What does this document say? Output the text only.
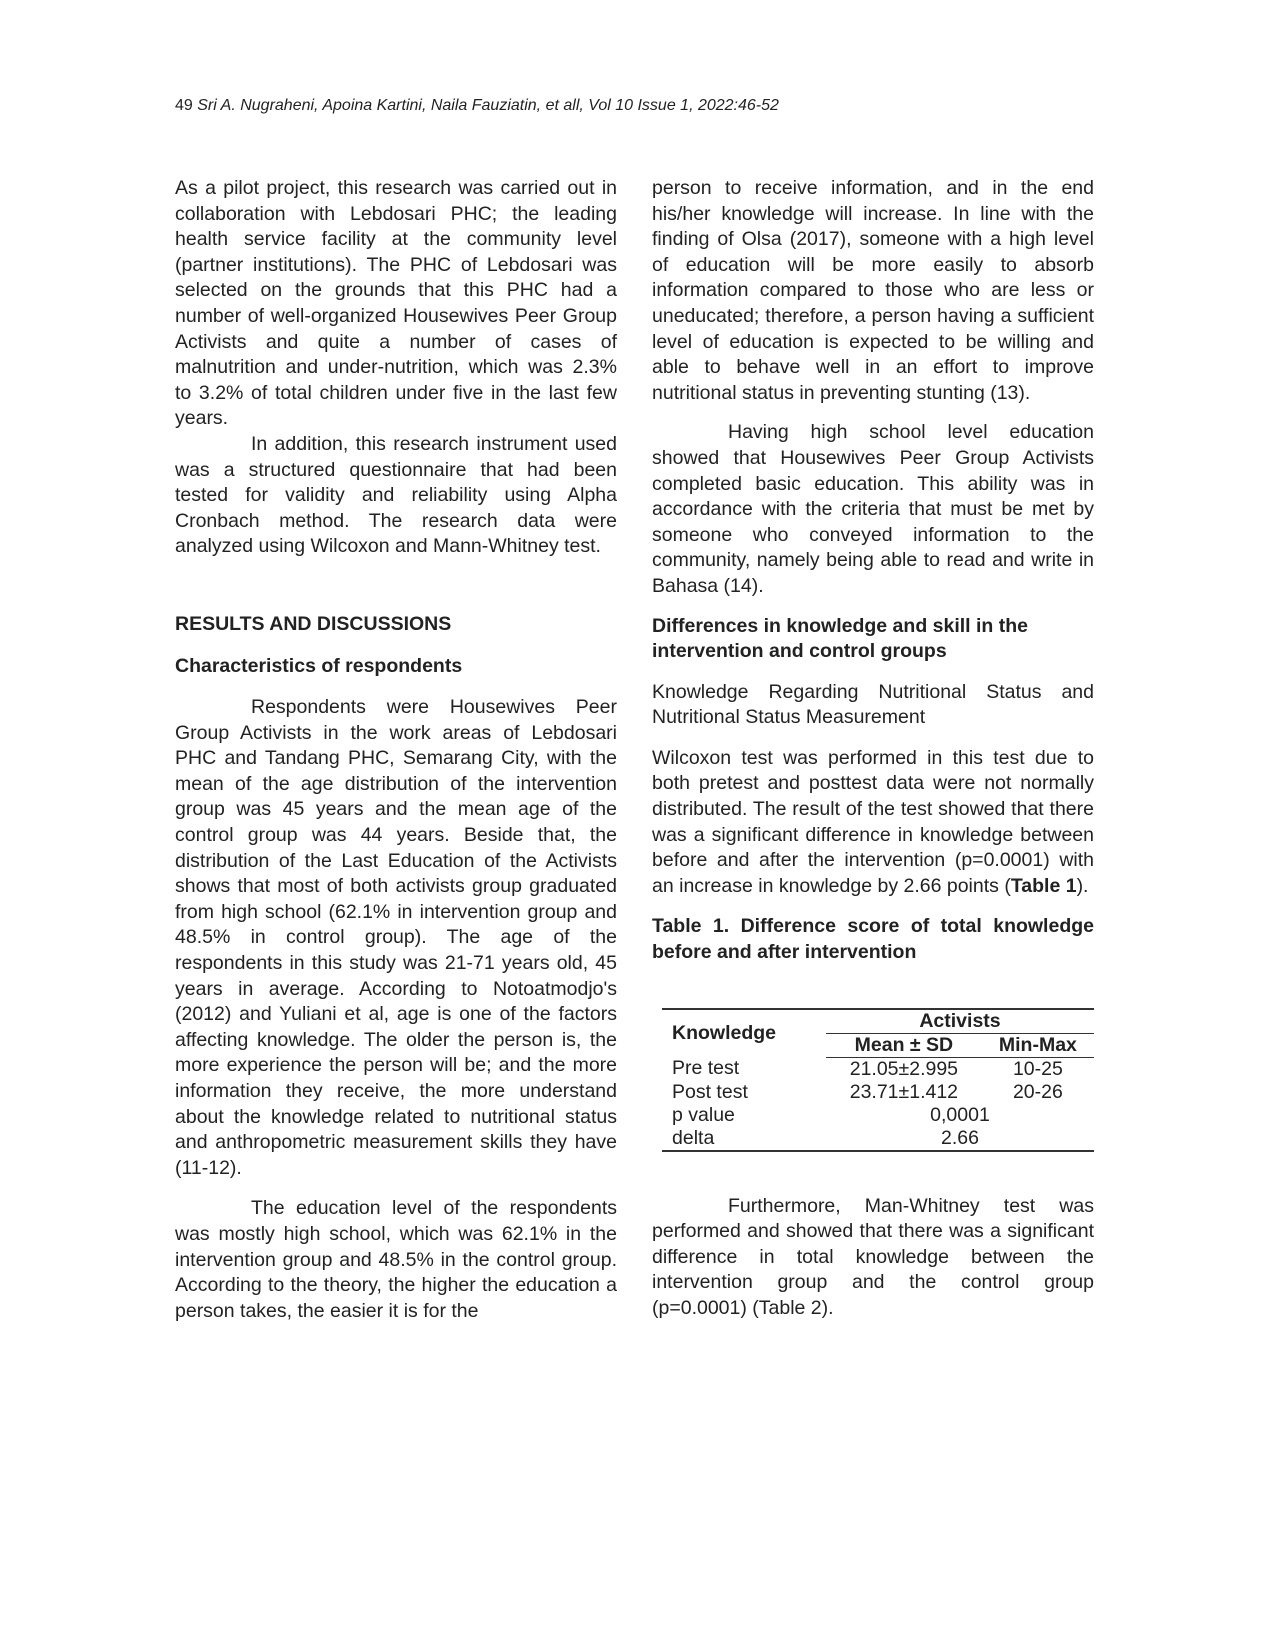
49 Sri A. Nugraheni, Apoina Kartini, Naila Fauziatin, et all, Vol 10 Issue 1, 2022:46-52

As a pilot project, this research was carried out in collaboration with Lebdosari PHC; the leading health service facility at the community level (partner institutions). The PHC of Lebdosari was selected on the grounds that this PHC had a number of well-organized Housewives Peer Group Activists and quite a number of cases of malnutrition and under-nutrition, which was 2.3% to 3.2% of total children under five in the last few years.

In addition, this research instrument used was a structured questionnaire that had been tested for validity and reliability using Alpha Cronbach method. The research data were analyzed using Wilcoxon and Mann-Whitney test.

RESULTS AND DISCUSSIONS
Characteristics of respondents

Respondents were Housewives Peer Group Activists in the work areas of Lebdosari PHC and Tandang PHC, Semarang City, with the mean of the age distribution of the intervention group was 45 years and the mean age of the control group was 44 years. Beside that, the distribution of the Last Education of the Activists shows that most of both activists group graduated from high school (62.1% in intervention group and 48.5% in control group). The age of the respondents in this study was 21-71 years old, 45 years in average. According to Notoatmodjo's (2012) and Yuliani et al, age is one of the factors affecting knowledge. The older the person is, the more experience the person will be; and the more information they receive, the more understand about the knowledge related to nutritional status and anthropometric measurement skills they have (11-12).

The education level of the respondents was mostly high school, which was 62.1% in the intervention group and 48.5% in the control group. According to the theory, the higher the education a person takes, the easier it is for the

person to receive information, and in the end his/her knowledge will increase. In line with the finding of Olsa (2017), someone with a high level of education will be more easily to absorb information compared to those who are less or uneducated; therefore, a person having a sufficient level of education is expected to be willing and able to behave well in an effort to improve nutritional status in preventing stunting (13).

Having high school level education showed that Housewives Peer Group Activists completed basic education. This ability was in accordance with the criteria that must be met by someone who conveyed information to the community, namely being able to read and write in Bahasa (14).

Differences in knowledge and skill in the intervention and control groups

Knowledge Regarding Nutritional Status and Nutritional Status Measurement

Wilcoxon test was performed in this test due to both pretest and posttest data were not normally distributed. The result of the test showed that there was a significant difference in knowledge between before and after the intervention (p=0.0001) with an increase in knowledge by 2.66 points (Table 1).

Table 1. Difference score of total knowledge before and after intervention

Knowledge	Activists	
	Mean ± SD	Min-Max
Pre test	21.05±2.995	10-25
Post test	23.71±1.412	20-26
p value	0,0001	
delta	2.66	

Furthermore, Man-Whitney test was performed and showed that there was a significant difference in total knowledge between the intervention group and the control group (p=0.0001) (Table 2).
